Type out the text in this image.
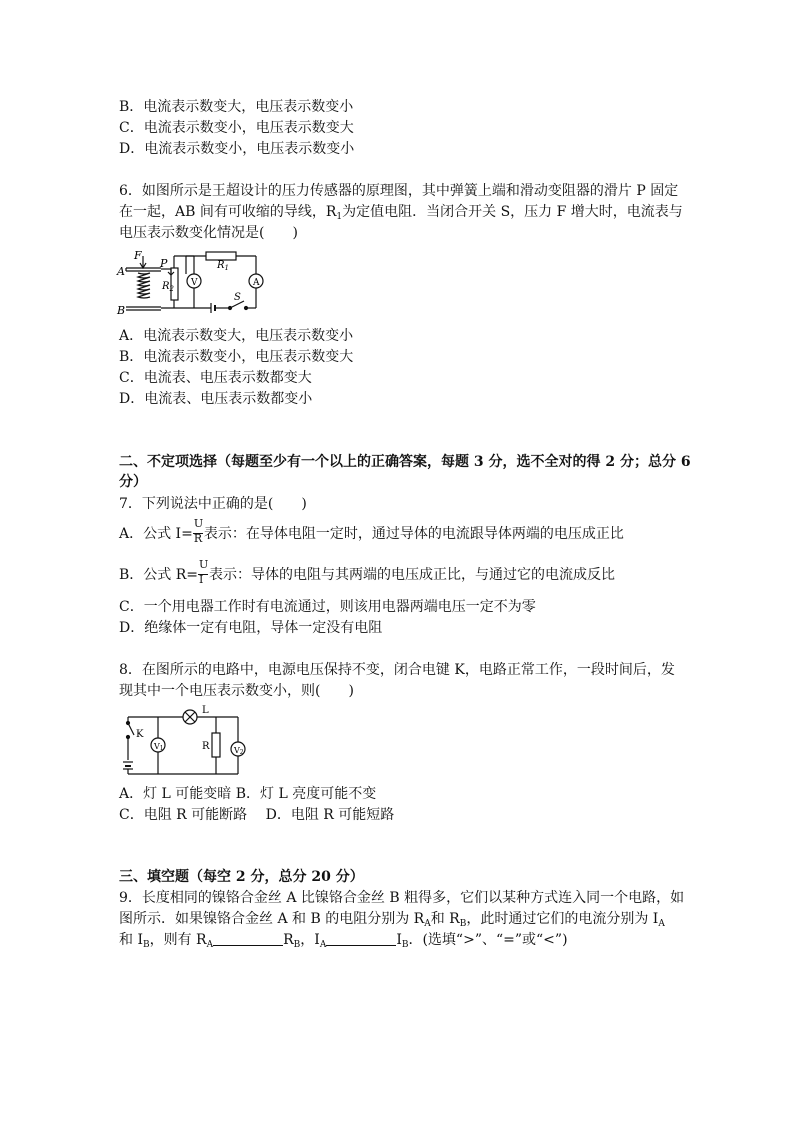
B．电流表示数变大，电压表示数变小
C．电流表示数变小，电压表示数变大
D．电流表示数变小，电压表示数变小
6．如图所示是王超设计的压力传感器的原理图，其中弹簧上端和滑动变阻器的滑片 P 固定
在一起，AB 间有可收缩的导线，$R_1$为定值电阻．当闭合开关 S，压力 F 增大时，电流表与
电压表示数变化情况是(　　)
A
B
F
P	$R_1$
$R_2$
V	A
S
A．电流表示数变大，电压表示数变小
B．电流表示数变小，电压表示数变大
C．电流表、电压表示数都变大
D．电流表、电压表示数都变小
二、不定项选择（每题至少有一个以上的正确答案，每题 3 分，选不全对的得 2 分；总分 6
分）
7．下列说法中正确的是(　　)
A．公式 $I= \frac{U}{R}$ 表示：在导体电阻一定时，通过导体的电流跟导体两端的电压成正比
B．公式 $R= \frac{U}{I}$ 表示：导体的电阻与其两端的电压成正比，与通过它的电流成反比
C．一个用电器工作时有电流通过，则该用电器两端电压一定不为零
D．绝缘体一定有电阻，导体一定没有电阻
8．在图所示的电路中，电源电压保持不变，闭合电键 K，电路正常工作，一段时间后，发
现其中一个电压表示数变小，则(　　)
L
K
R
V1	V2
A．灯 L 可能变暗 B．灯 L 亮度可能不变
C．电阻 R 可能断路　 D．电阻 R 可能短路
三、填空题（每空 2 分，总分 20 分）
9．长度相同的镍铬合金丝 A 比镍铬合金丝 B 粗得多，它们以某种方式连入同一个电路，如
图所示．如果镍铬合金丝 A 和 B 的电阻分别为 $R_A$和 $R_B$，此时通过它们的电流分别为 $I_A$
和 $I_B$，则有 $R_A$	$R_B$，$I_A$	$I_B$．(选填“>”、“=”或“<”)
